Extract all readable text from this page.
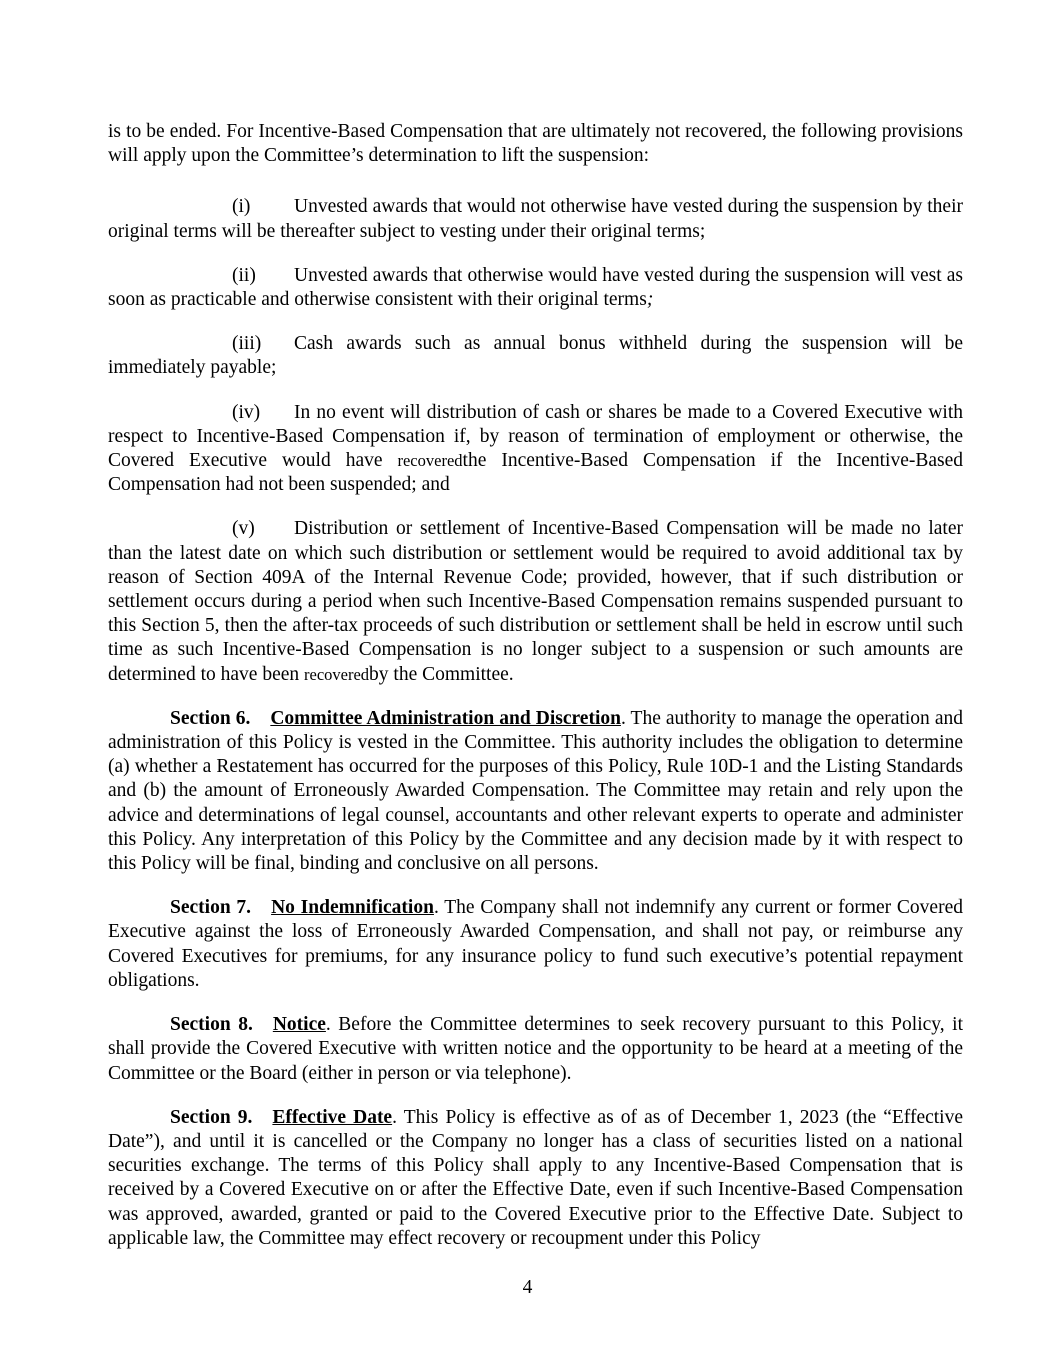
is to be ended. For Incentive-Based Compensation that are ultimately not recovered, the following provisions will apply upon the Committee’s determination to lift the suspension:

(i) Unvested awards that would not otherwise have vested during the suspension by their original terms will be thereafter subject to vesting under their original terms;

(ii) Unvested awards that otherwise would have vested during the suspension will vest as soon as practicable and otherwise consistent with their original terms;

(iii) Cash awards such as annual bonus withheld during the suspension will be immediately payable;

(iv) In no event will distribution of cash or shares be made to a Covered Executive with respect to Incentive-Based Compensation if, by reason of termination of employment or otherwise, the Covered Executive would have recoveredthe Incentive-Based Compensation if the Incentive-Based Compensation had not been suspended; and

(v) Distribution or settlement of Incentive-Based Compensation will be made no later than the latest date on which such distribution or settlement would be required to avoid additional tax by reason of Section 409A of the Internal Revenue Code; provided, however, that if such distribution or settlement occurs during a period when such Incentive-Based Compensation remains suspended pursuant to this Section 5, then the after-tax proceeds of such distribution or settlement shall be held in escrow until such time as such Incentive-Based Compensation is no longer subject to a suspension or such amounts are determined to have been recoveredby the Committee.

Section 6. Committee Administration and Discretion. The authority to manage the operation and administration of this Policy is vested in the Committee. This authority includes the obligation to determine (a) whether a Restatement has occurred for the purposes of this Policy, Rule 10D-1 and the Listing Standards and (b) the amount of Erroneously Awarded Compensation. The Committee may retain and rely upon the advice and determinations of legal counsel, accountants and other relevant experts to operate and administer this Policy. Any interpretation of this Policy by the Committee and any decision made by it with respect to this Policy will be final, binding and conclusive on all persons.

Section 7. No Indemnification. The Company shall not indemnify any current or former Covered Executive against the loss of Erroneously Awarded Compensation, and shall not pay, or reimburse any Covered Executives for premiums, for any insurance policy to fund such executive’s potential repayment obligations.

Section 8. Notice. Before the Committee determines to seek recovery pursuant to this Policy, it shall provide the Covered Executive with written notice and the opportunity to be heard at a meeting of the Committee or the Board (either in person or via telephone).

Section 9. Effective Date. This Policy is effective as of as of December 1, 2023 (the “Effective Date”), and until it is cancelled or the Company no longer has a class of securities listed on a national securities exchange. The terms of this Policy shall apply to any Incentive-Based Compensation that is received by a Covered Executive on or after the Effective Date, even if such Incentive-Based Compensation was approved, awarded, granted or paid to the Covered Executive prior to the Effective Date. Subject to applicable law, the Committee may effect recovery or recoupment under this Policy

4
